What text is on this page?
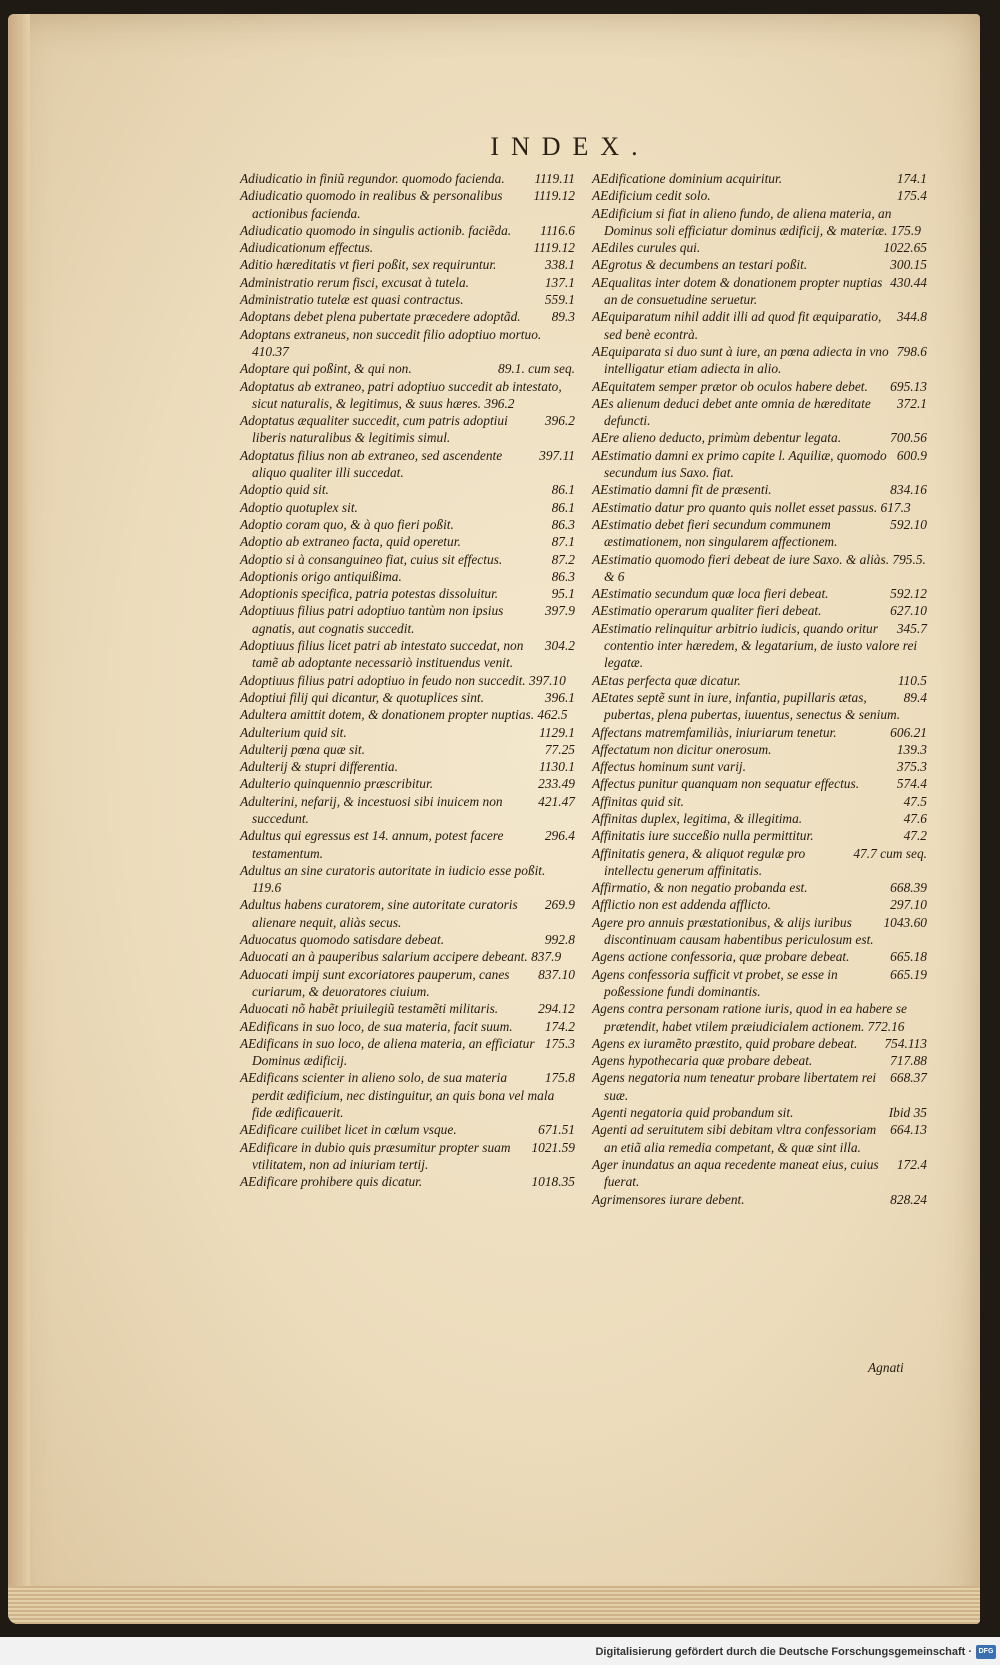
INDEX.

1119.11
Adiudicatio in finiũ regundor. quomodo facienda.

1119.12
Adiudicatio quomodo in realibus & personalibus actionibus facienda.

1116.6
Adiudicatio quomodo in singulis actionib. faciẽda.

1119.12
Adiudicationum effectus.

338.1
Aditio hæreditatis vt fieri poßit, sex requiruntur.

137.1
Administratio rerum fisci, excusat à tutela.

559.1
Administratio tutelæ est quasi contractus.

89.3
Adoptans debet plena pubertate præcedere adoptãd.

Adoptans extraneus, non succedit filio adoptiuo mortuo. 410.37

89.1. cum seq.
Adoptare qui poßint, & qui non.

Adoptatus ab extraneo, patri adoptiuo succedit ab intestato, sicut naturalis, & legitimus, & suus hæres. 396.2

396.2
Adoptatus æqualiter succedit, cum patris adoptiui liberis naturalibus & legitimis simul.

397.11
Adoptatus filius non ab extraneo, sed ascendente aliquo qualiter illi succedat.

86.1
Adoptio quid sit.

86.1
Adoptio quotuplex sit.

86.3
Adoptio coram quo, & à quo fieri poßit.

87.1
Adoptio ab extraneo facta, quid operetur.

87.2
Adoptio si à consanguineo fiat, cuius sit effectus.

86.3
Adoptionis origo antiquißima.

95.1
Adoptionis specifica, patria potestas dissoluitur.

397.9
Adoptiuus filius patri adoptiuo tantùm non ipsius agnatis, aut cognatis succedit.

304.2
Adoptiuus filius licet patri ab intestato succedat, non tamẽ ab adoptante necessariò instituendus venit.

Adoptiuus filius patri adoptiuo in feudo non succedit. 397.10

396.1
Adoptiui filij qui dicantur, & quotuplices sint.

Adultera amittit dotem, & donationem propter nuptias. 462.5

1129.1
Adulterium quid sit.

77.25
Adulterij pœna quæ sit.

1130.1
Adulterij & stupri differentia.

233.49
Adulterio quinquennio præscribitur.

421.47
Adulterini, nefarij, & incestuosi sibi inuicem non succedunt.

296.4
Adultus qui egressus est 14. annum, potest facere testamentum.

Adultus an sine curatoris autoritate in iudicio esse poßit. 119.6

269.9
Adultus habens curatorem, sine autoritate curatoris alienare nequit, aliàs secus.

992.8
Aduocatus quomodo satisdare debeat.

Aduocati an à pauperibus salarium accipere debeant. 837.9

837.10
Aduocati impij sunt excoriatores pauperum, canes curiarum, & deuoratores ciuium.

294.12
Aduocati nõ habẽt priuilegiũ testamẽti militaris.

174.2
AEdificans in suo loco, de sua materia, facit suum.

175.3
AEdificans in suo loco, de aliena materia, an efficiatur Dominus ædificij.

175.8
AEdificans scienter in alieno solo, de sua materia perdit ædificium, nec distinguitur, an quis bona vel mala fide ædificauerit.

671.51
AEdificare cuilibet licet in cœlum vsque.

1021.59
AEdificare in dubio quis præsumitur propter suam vtilitatem, non ad iniuriam tertij.

1018.35
AEdificare prohibere quis dicatur.

174.1
AEdificatione dominium acquiritur.

175.4
AEdificium cedit solo.

AEdificium si fiat in alieno fundo, de aliena materia, an Dominus soli efficiatur dominus ædificij, & materiæ. 175.9

1022.65
AEdiles curules qui.

300.15
AEgrotus & decumbens an testari poßit.

430.44
AEqualitas inter dotem & donationem propter nuptias an de consuetudine seruetur.

344.8
AEquiparatum nihil addit illi ad quod fit æquiparatio, sed benè econtrà.

798.6
AEquiparata si duo sunt à iure, an pœna adiecta in vno intelligatur etiam adiecta in alio.

695.13
AEquitatem semper prætor ob oculos habere debet.

372.1
AEs alienum deduci debet ante omnia de hæreditate defuncti.

700.56
AEre alieno deducto, primùm debentur legata.

600.9
AEstimatio damni ex primo capite l. Aquiliæ, quomodo secundum ius Saxo. fiat.

834.16
AEstimatio damni fit de præsenti.

AEstimatio datur pro quanto quis nollet esset passus. 617.3

592.10
AEstimatio debet fieri secundum communem æstimationem, non singularem affectionem.

AEstimatio quomodo fieri debeat de iure Saxo. & aliàs. 795.5. & 6

592.12
AEstimatio secundum quæ loca fieri debeat.

627.10
AEstimatio operarum qualiter fieri debeat.

345.7
AEstimatio relinquitur arbitrio iudicis, quando oritur contentio inter hæredem, & legatarium, de iusto valore rei legatæ.

110.5
AEtas perfecta quæ dicatur.

89.4
AEtates septẽ sunt in iure, infantia, pupillaris ætas, pubertas, plena pubertas, iuuentus, senectus & senium.

606.21
Affectans matremfamiliàs, iniuriarum tenetur.

139.3
Affectatum non dicitur onerosum.

375.3
Affectus hominum sunt varij.

574.4
Affectus punitur quanquam non sequatur effectus.

47.5
Affinitas quid sit.

47.6
Affinitas duplex, legitima, & illegitima.

47.2
Affinitatis iure succeßio nulla permittitur.

47.7 cum seq.
Affinitatis genera, & aliquot regulæ pro intellectu generum affinitatis.

668.39
Affirmatio, & non negatio probanda est.

297.10
Afflictio non est addenda afflicto.

1043.60
Agere pro annuis præstationibus, & alijs iuribus discontinuam causam habentibus periculosum est.

665.18
Agens actione confessoria, quæ probare debeat.

665.19
Agens confessoria sufficit vt probet, se esse in poßessione fundi dominantis.

Agens contra personam ratione iuris, quod in ea habere se prætendit, habet vtilem præiudicialem actionem. 772.16

754.113
Agens ex iuramẽto præstito, quid probare debeat.

717.88
Agens hypothecaria quæ probare debeat.

668.37
Agens negatoria num teneatur probare libertatem rei suæ.

Ibid 35
Agenti negatoria quid probandum sit.

664.13
Agenti ad seruitutem sibi debitam vltra confessoriam an etiã alia remedia competant, & quæ sint illa.

172.4
Ager inundatus an aqua recedente maneat eius, cuius fuerat.

828.24
Agrimensores iurare debent.

Agnati
Digitalisierung gefördert durch die Deutsche Forschungsgemeinschaft · DFG
